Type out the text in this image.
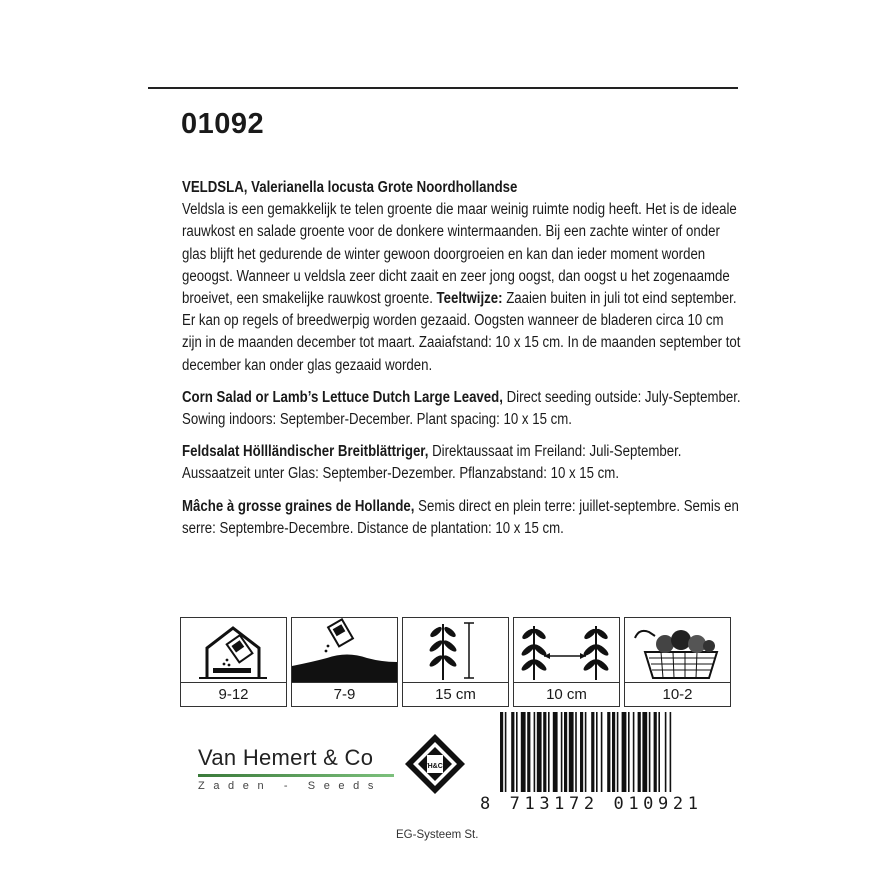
01092

VELDSLA, Valerianella locusta Grote Noordhollandse
Veldsla is een gemakkelijk te telen groente die maar weinig ruimte nodig heeft. Het is de ideale rauwkost en salade groente voor de donkere wintermaanden. Bij een zachte winter of onder glas blijft het gedurende de winter gewoon doorgroeien en kan dan ieder moment worden geoogst. Wanneer u veldsla zeer dicht zaait en zeer jong oogst, dan oogst u het zogenaamde broeivet, een smakelijke rauwkost groente. Teeltwijze: Zaaien buiten in juli tot eind september. Er kan op regels of breedwerpig worden gezaaid. Oogsten wanneer de bladeren circa 10 cm zijn in de maanden december tot maart. Zaaiafstand: 10 x 15 cm. In de maanden september tot december kan onder glas gezaaid worden.

Corn Salad or Lamb’s Lettuce Dutch Large Leaved, Direct seeding outside: July-September. Sowing indoors: September-December. Plant spacing: 10 x 15 cm.

Feldsalat Höllländischer Breitblättriger, Direktaussaat im Freiland: Juli-September. Aussaatzeit unter Glas: September-Dezember. Pflanzabstand: 10 x 15 cm.

Mâche à grosse graines de Hollande, Semis direct en plein terre: juillet-septembre. Semis en serre: Septembre-Decembre. Distance de plantation: 10 x 15 cm.

9-12	7-9	15 cm	10 cm	10-2
Van Hemert & Co
Zaden - Seeds
VH&Co
8 713172 010921
EG-Systeem St.
